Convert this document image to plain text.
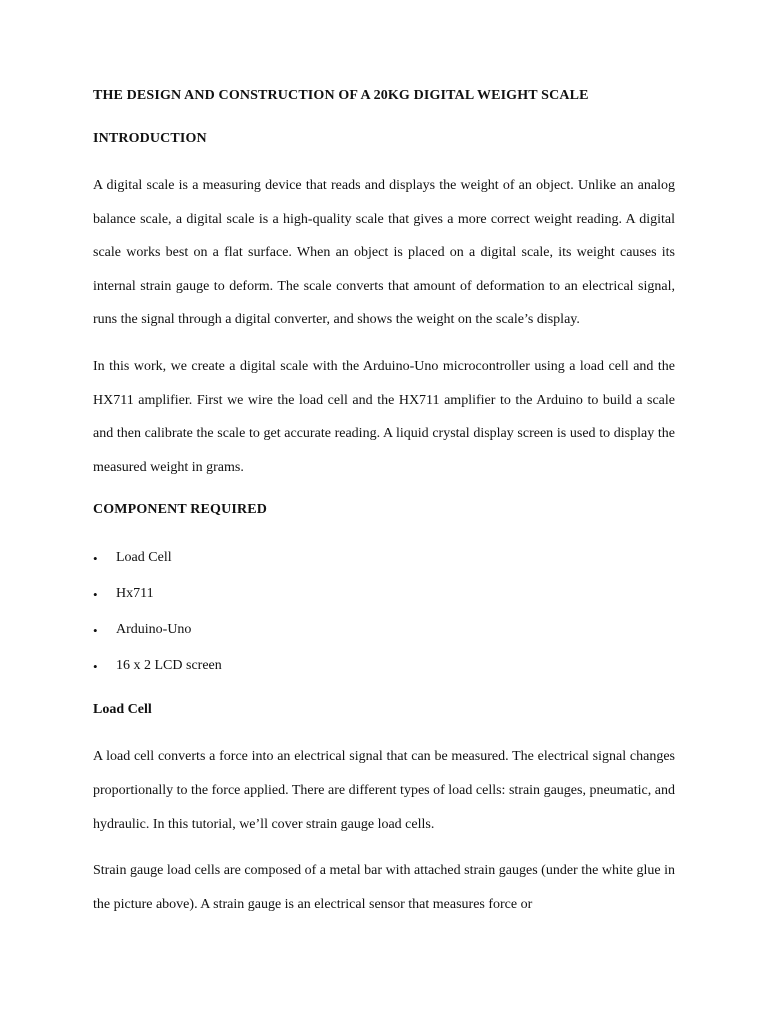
THE DESIGN AND CONSTRUCTION OF A 20KG DIGITAL WEIGHT SCALE
INTRODUCTION

A digital scale is a measuring device that reads and displays the weight of an object. Unlike an analog balance scale, a digital scale is a high-quality scale that gives a more correct weight reading. A digital scale works best on a flat surface. When an object is placed on a digital scale, its weight causes its internal strain gauge to deform. The scale converts that amount of deformation to an electrical signal, runs the signal through a digital converter, and shows the weight on the scale’s display.

In this work, we create a digital scale with the Arduino-Uno microcontroller using a load cell and the HX711 amplifier. First we wire the load cell and the HX711 amplifier to the Arduino to build a scale and then calibrate the scale to get accurate reading. A liquid crystal display screen is used to display the measured weight in grams.

COMPONENT REQUIRED
•	Load Cell
•	Hx711
•	Arduino-Uno
•	16 x 2 LCD screen
Load Cell

A load cell converts a force into an electrical signal that can be measured. The electrical signal changes proportionally to the force applied. There are different types of load cells: strain gauges, pneumatic, and hydraulic. In this tutorial, we’ll cover strain gauge load cells.

Strain gauge load cells are composed of a metal bar with attached strain gauges (under the white glue in the picture above). A strain gauge is an electrical sensor that measures force or
